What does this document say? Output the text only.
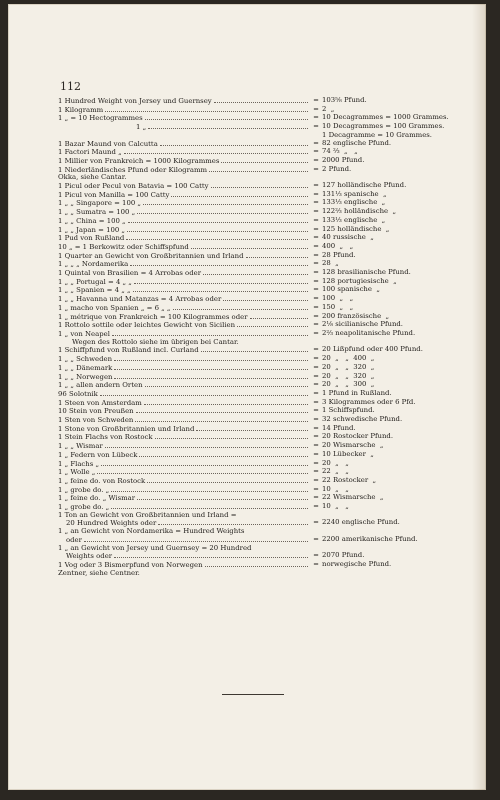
112
1 Hundred Weight von Jersey und Guernsey	= 103⅝ Pfund.
1 Kilogramm	= 2  „
1 „ = 10 Hectogrammes	= 10 Decagrammes = 1000 Grammes.
1 „	= 10 Decagrammes = 100 Grammes.
1 Decagramme = 10 Grammes.
1 Bazar Maund von Calcutta	= 82 englische Pfund.
1 Factori Maund „	= 74 ⅔  „   „
1 Millier von Frankreich = 1000 Kilogrammes	= 2000 Pfund.
1 Niederländisches Pfund oder Kilogramm	= 2 Pfund.
Okka, siehe Cantar.
1 Picul oder Pecul von Batavia = 100 Catty	= 127 holländische Pfund.
1 Picul von Manilla = 100 Catty	= 131⅓ spanische  „
1 „ „ Singapore = 100 „	= 133⅓ englische  „
1 „ „ Sumatra = 100 „	= 122⅔ holländische  „
1 „ „ China = 100 „	= 133⅓ englische  „
1 „ „ Japan = 100 „	= 125 holländische  „
1 Pud von Rußland	= 40 russische  „
10 „ = 1 Berkowitz oder Schiffspfund	= 400  „   „
1 Quarter an Gewicht von Großbritannien und Irland	= 28 Pfund.
1 „ „ „ Nordamerika	= 28  „
1 Quintal von Brasilien = 4 Arrobas oder	= 128 brasilianische Pfund.
1 „ „ Portugal = 4 „ „	= 128 portugiesische  „
1 „ „ Spanien = 4 „ „	= 100 spanische  „
1 „ „ Havanna und Matanzas = 4 Arrobas oder	= 100  „   „
1 „ macho von Spanien „ = 6 „ „	= 150  „   „
1 „ métrique von Frankreich = 100 Kilogrammes oder	= 200 französische  „
1 Rottolo sottile oder leichtes Gewicht von Sicilien	= 2⅛ sicilianische Pfund.
1 „ von Neapel	= 2⅔ neapolitanische Pfund.
Wegen des Rottolo siehe im übrigen bei Cantar.
1 Schiffpfund von Rußland incl. Curland	= 20 Lißpfund oder 400 Pfund.
1 „ „ Schweden	= 20  „   „  400  „
1 „ „ Dänemark	= 20  „   „  320  „
1 „ „ Norwegen	= 20  „   „  320  „
1 „ „ allen andern Orten	= 20  „   „  300  „
96 Solotnik	= 1 Pfund in Rußland.
1 Steen von Amsterdam	= 3 Kilogrammes oder 6 Pfd.
10 Stein von Preußen	= 1 Schiffspfund.
1 Sten von Schweden	= 32 schwedische Pfund.
1 Stone von Großbritannien und Irland	= 14 Pfund.
1 Stein Flachs von Rostock	= 20 Rostocker Pfund.
1 „ „ Wismar	= 20 Wismarsche  „
1 „ Federn von Lübeck	= 10 Lübecker  „
1 „ Flachs „	= 20  „   „
1 „ Wolle „	= 22  „   „
1 „ feine do. von Rostock	= 22 Rostocker  „
1 „ grobe do. „	= 10  „   „
1 „ feine do. „ Wismar	= 22 Wismarsche  „
1 „ grobe do. „	= 10  „   „
1 Ton an Gewicht von Großbritannien und Irland =
20 Hundred Weights oder	= 2240 englische Pfund.
1 „ an Gewicht von Nordamerika = Hundred Weights
oder	= 2200 amerikanische Pfund.
1 „ an Gewicht von Jersey und Guernsey = 20 Hundred
Weights oder	= 2070 Pfund.
1 Vog oder 3 Bismerpfund von Norwegen	= norwegische Pfund.
Zentner, siehe Centner.
